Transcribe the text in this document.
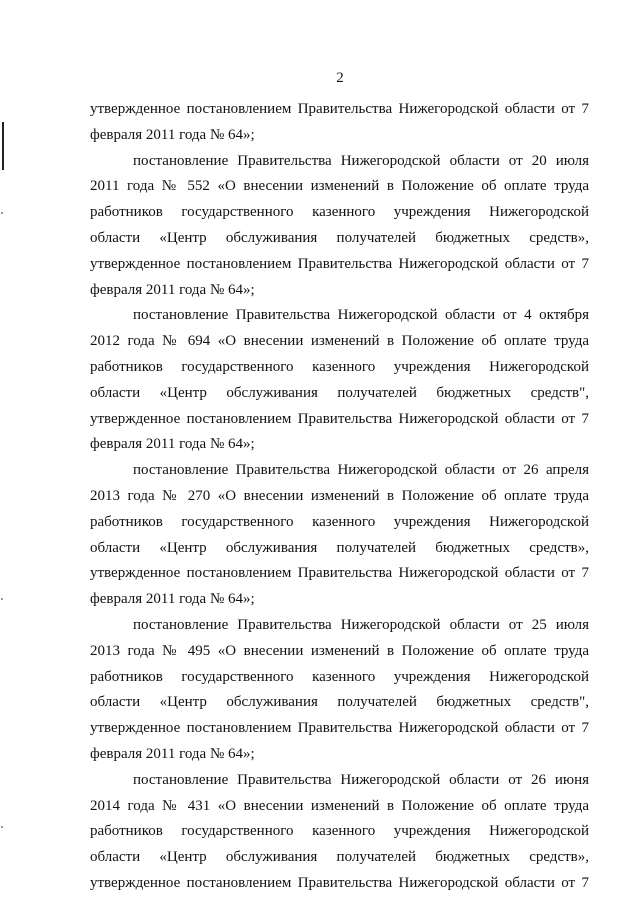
2
утвержденное постановлением Правительства Нижегородской области от 7
февраля 2011 года № 64»;
постановление Правительства Нижегородской области от 20 июля
2011 года № 552 «О внесении изменений в Положение об оплате труда
работников государственного казенного учреждения Нижегородской
области «Центр обслуживания получателей бюджетных средств»,
утвержденное постановлением Правительства Нижегородской области от 7
февраля 2011 года № 64»;
постановление Правительства Нижегородской области от 4 октября
2012 года № 694 «О внесении изменений в Положение об оплате труда
работников государственного казенного учреждения Нижегородской
области «Центр обслуживания получателей бюджетных средств",
утвержденное постановлением Правительства Нижегородской области от 7
февраля 2011 года № 64»;
постановление Правительства Нижегородской области от 26 апреля
2013 года № 270 «О внесении изменений в Положение об оплате труда
работников государственного казенного учреждения Нижегородской
области «Центр обслуживания получателей бюджетных средств»,
утвержденное постановлением Правительства Нижегородской области от 7
февраля 2011 года № 64»;
постановление Правительства Нижегородской области от 25 июля
2013 года № 495 «О внесении изменений в Положение об оплате труда
работников государственного казенного учреждения Нижегородской
области «Центр обслуживания получателей бюджетных средств",
утвержденное постановлением Правительства Нижегородской области от 7
февраля 2011 года № 64»;
постановление Правительства Нижегородской области от 26 июня
2014 года № 431 «О внесении изменений в Положение об оплате труда
работников государственного казенного учреждения Нижегородской
области «Центр обслуживания получателей бюджетных средств»,
утвержденное постановлением Правительства Нижегородской области от 7
